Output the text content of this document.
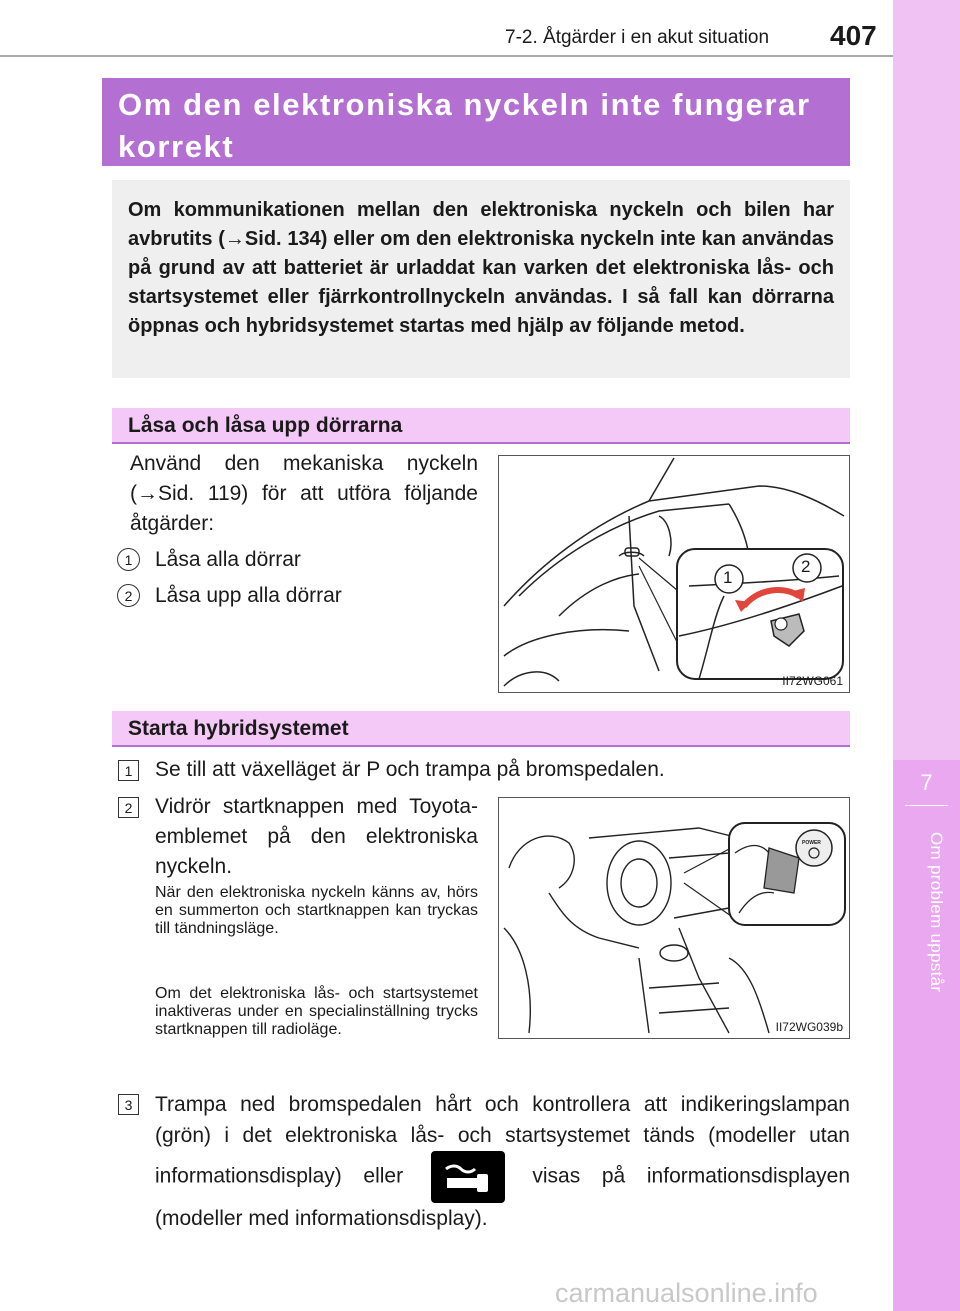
7-2. Åtgärder i en akut situation 407
7
Om problem uppstår
Om den elektroniska nyckeln inte fungerar
korrekt
Om kommunikationen mellan den elektroniska nyckeln och bilen har avbrutits (→Sid. 134) eller om den elektroniska nyckeln inte kan användas på grund av att batteriet är urladdat kan varken det elektroniska lås- och startsystemet eller fjärrkontrollnyckeln användas. I så fall kan dörrarna öppnas och hybridsystemet startas med hjälp av följande metod.
Låsa och låsa upp dörrarna
Använd den mekaniska nyckeln (→Sid. 119) för att utföra följande åtgärder:
1	Låsa alla dörrar
2	Låsa upp alla dörrar
1
2
II72WG061
Starta hybridsystemet
1	Se till att växelläget är P och trampa på bromspedalen.
2	Vidrör startknappen med Toyota-emblemet på den elektroniska nyckeln.
När den elektroniska nyckeln känns av, hörs en summerton och startknappen kan tryckas till tändningsläge.
Om det elektroniska lås- och startsystemet inaktiveras under en specialinställning trycks startknappen till radioläge.
POWER
II72WG039b
3	Trampa ned bromspedalen hårt och kontrollera att indikeringslampan (grön) i det elektroniska lås- och startsystemet tänds (modeller utan informationsdisplay) eller	visas på informationsdisplayen (modeller med informationsdisplay).
carmanualsonline.info
